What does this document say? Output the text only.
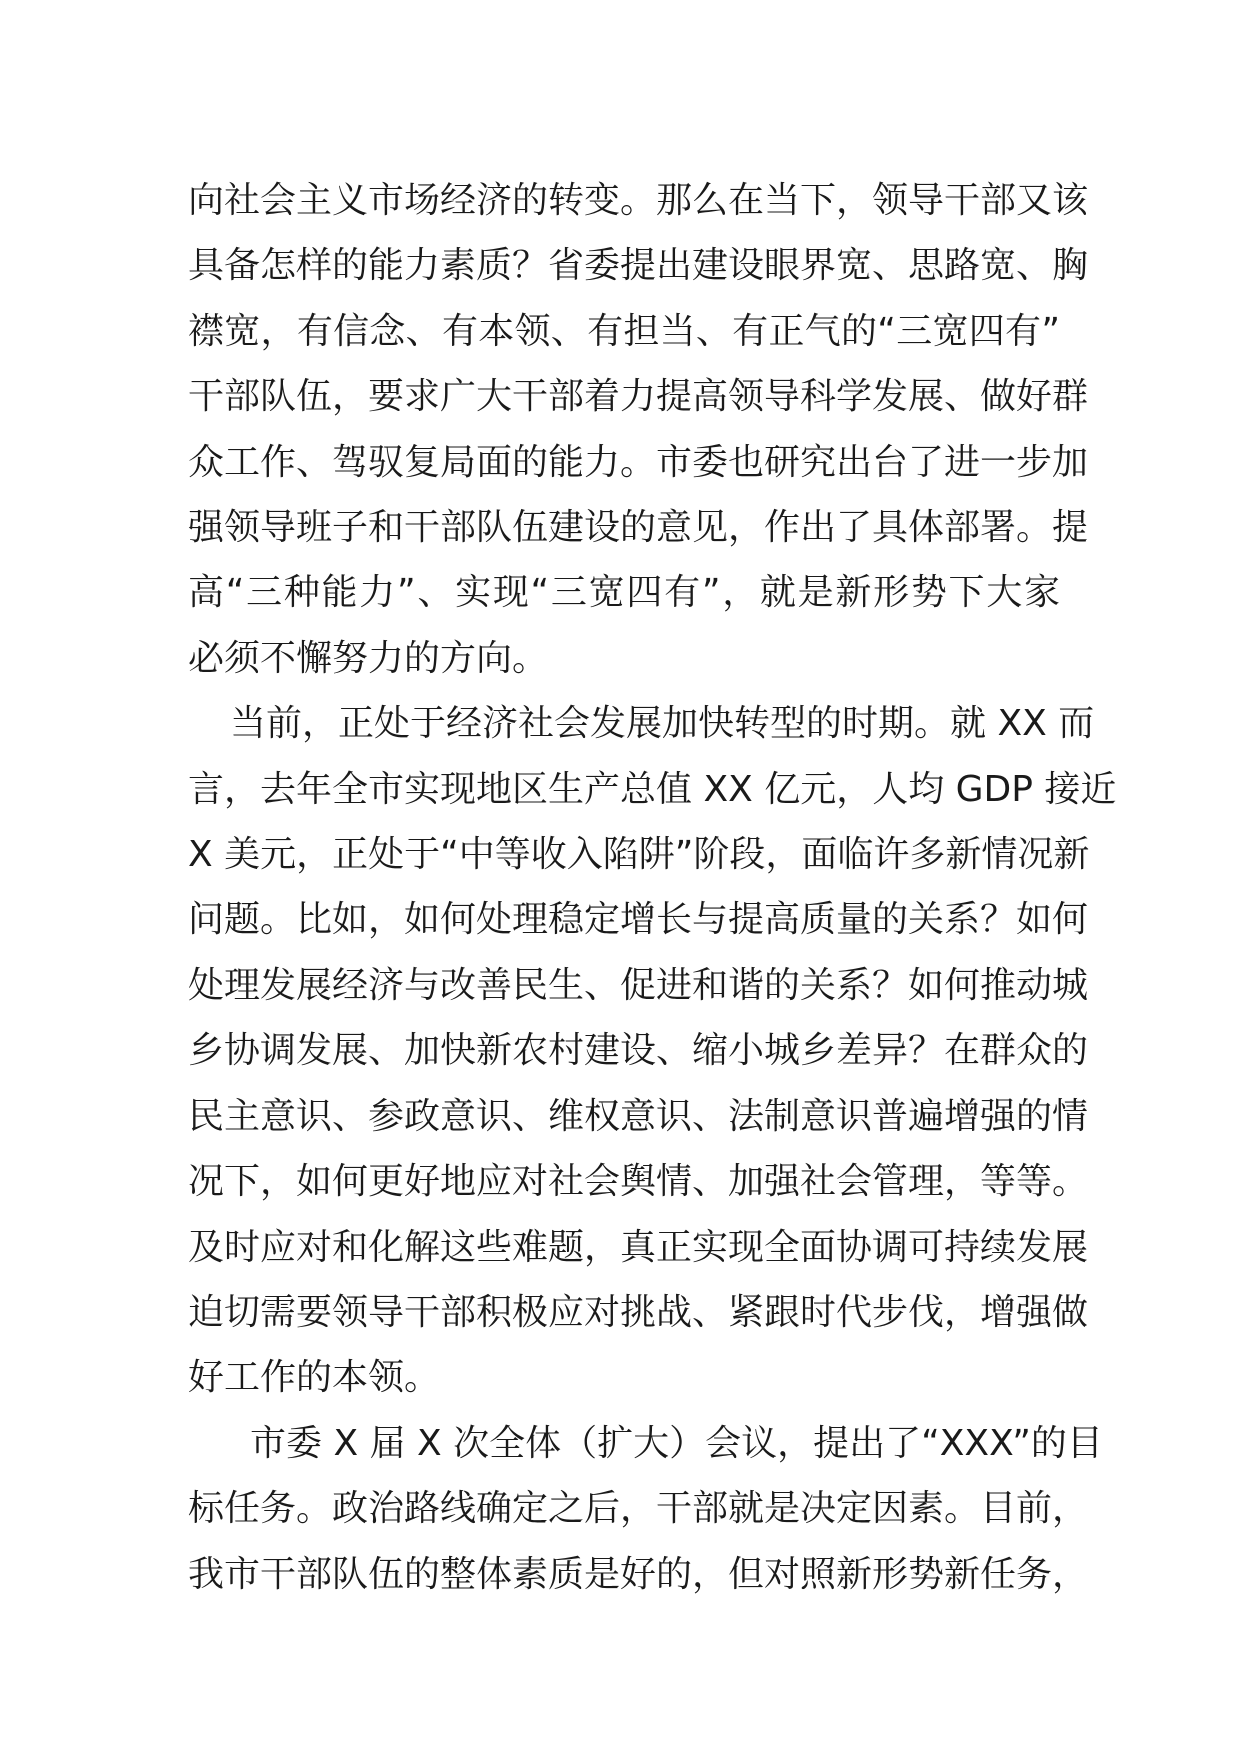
向社会主义市场经济的转变。那么在当下，领导干部又该
具备怎样的能力素质？省委提出建设眼界宽、思路宽、胸
襟宽，有信念、有本领、有担当、有正气的“三宽四有”
干部队伍，要求广大干部着力提高领导科学发展、做好群
众工作、驾驭复局面的能力。市委也研究出台了进一步加
强领导班子和干部队伍建设的意见，作出了具体部署。提
高“三种能力”、实现“三宽四有”，就是新形势下大家
必须不懈努力的方向。
当前，正处于经济社会发展加快转型的时期。就 XX 而
言，去年全市实现地区生产总值 XX 亿元，人均 GDP 接近
X 美元，正处于“中等收入陷阱”阶段，面临许多新情况新
问题。比如，如何处理稳定增长与提高质量的关系？如何
处理发展经济与改善民生、促进和谐的关系？如何推动城
乡协调发展、加快新农村建设、缩小城乡差异？在群众的
民主意识、参政意识、维权意识、法制意识普遍增强的情
况下，如何更好地应对社会舆情、加强社会管理，等等。
及时应对和化解这些难题，真正实现全面协调可持续发展
迫切需要领导干部积极应对挑战、紧跟时代步伐，增强做
好工作的本领。
市委 X 届 X 次全体（扩大）会议，提出了“XXX”的目
标任务。政治路线确定之后，干部就是决定因素。目前，
我市干部队伍的整体素质是好的，但对照新形势新任务，
